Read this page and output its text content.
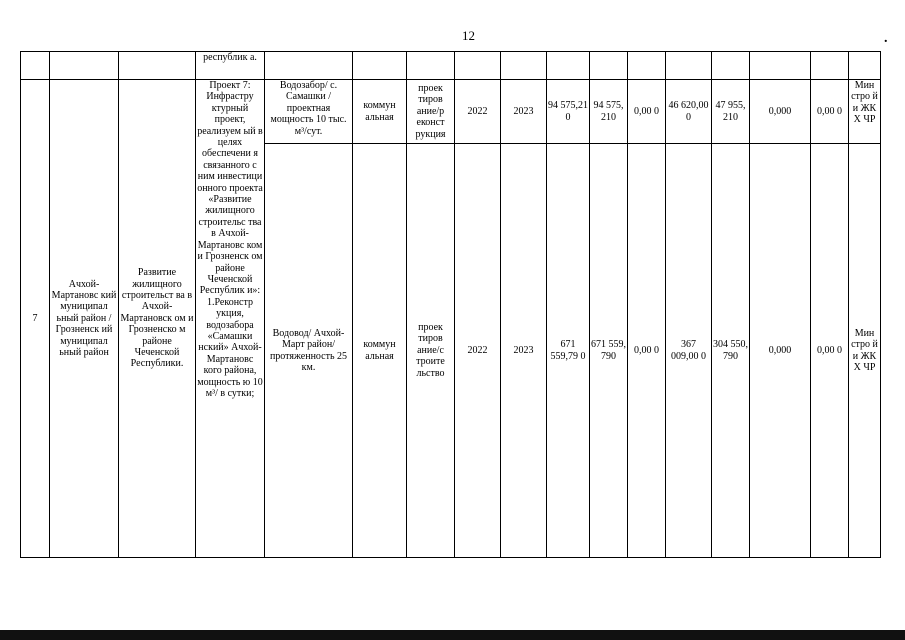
12	.
			республик а.													
7	Ачхой-Мартановс кий муниципал ьный район /Грозненск ий муниципал ьный район	Развитие жилищного строительст ва в Ачхой-Мартановск ом и Грозненско м районе Чеченской Республики.	Проект 7: Инфрастру ктурный проект, реализуем ый в целях обеспечени я связанного с ним инвестици онного проекта «Развитие жилищного строительс тва в Ачхой-Мартановс ком и Грозненск ом районе Чеченской Республик и»: 1.Реконстр укция, водозабора «Самашки нский» Ачхой-Мартановс кого района, мощность ю 10 м³/ в сутки;	Водозабор/ с. Самашки /проектная мощность 10 тыс. м³/сут.	коммун альная	проек тиров ание/р еконст рукция	2022	2023	94 575,21 0	94 575, 210	0,00 0	46 620,00 0	47 955, 210	0,000	0,00 0	Мин стро й и ЖК Х ЧР
				Водовод/ Ачхой-Март район/ протяженность 25 км.	коммун альная	проек тиров ание/с троите льство	2022	2023	671 559,79 0	671 559, 790	0,00 0	367 009,00 0	304 550, 790	0,000	0,00 0	Мин стро й и ЖК Х ЧР
